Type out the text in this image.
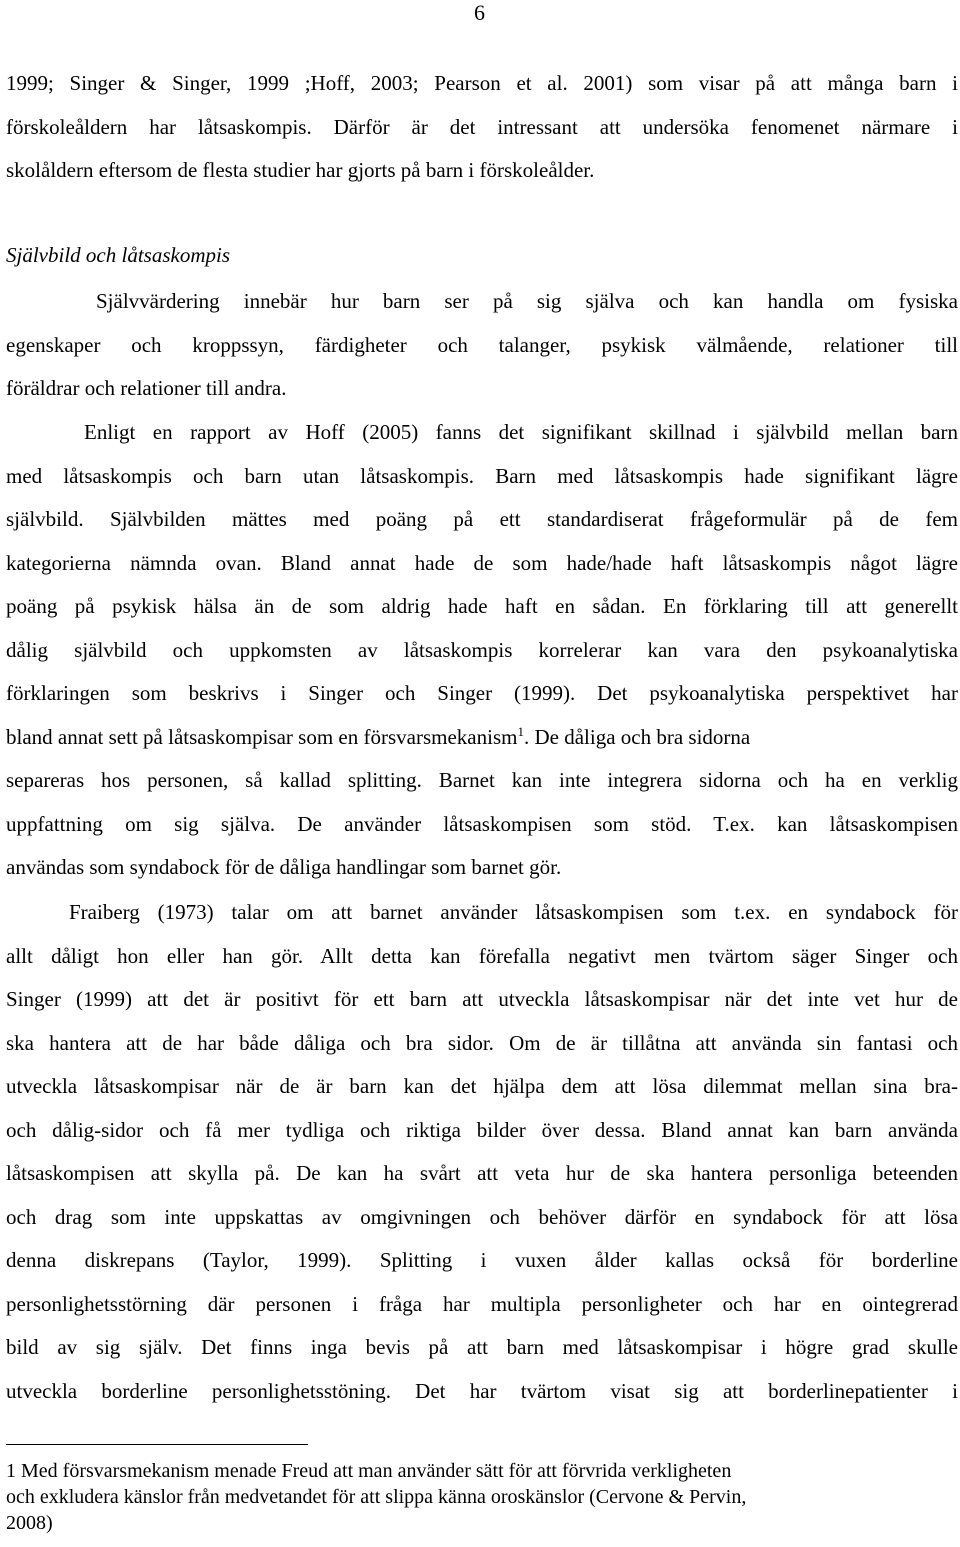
6
1999; Singer & Singer, 1999 ;Hoff, 2003; Pearson et al. 2001) som visar på att många barn i
förskoleåldern har låtsaskompis. Därför är det intressant att undersöka fenomenet närmare i
skolåldern eftersom de flesta studier har gjorts på barn i förskoleålder.
Självbild och låtsaskompis
Självvärdering innebär hur barn ser på sig själva och kan handla om fysiska
egenskaper och kroppssyn, färdigheter och talanger, psykisk välmående, relationer till
föräldrar och relationer till andra.
Enligt en rapport av Hoff (2005) fanns det signifikant skillnad i självbild mellan barn
med låtsaskompis och barn utan låtsaskompis. Barn med låtsaskompis hade signifikant lägre
självbild. Självbilden mättes med poäng på ett standardiserat frågeformulär på de fem
kategorierna nämnda ovan. Bland annat hade de som hade/hade haft låtsaskompis något lägre
poäng på psykisk hälsa än de som aldrig hade haft en sådan. En förklaring till att generellt
dålig självbild och uppkomsten av låtsaskompis korrelerar kan vara den psykoanalytiska
förklaringen som beskrivs i Singer och Singer (1999). Det psykoanalytiska perspektivet har
bland annat sett på låtsaskompisar som en försvarsmekanism$^1$. De dåliga och bra sidorna
separeras hos personen, så kallad splitting. Barnet kan inte integrera sidorna och ha en verklig
uppfattning om sig själva. De använder låtsaskompisen som stöd. T.ex. kan låtsaskompisen
användas som syndabock för de dåliga handlingar som barnet gör.
Fraiberg (1973) talar om att barnet använder låtsaskompisen som t.ex. en syndabock för
allt dåligt hon eller han gör. Allt detta kan förefalla negativt men tvärtom säger Singer och
Singer (1999) att det är positivt för ett barn att utveckla låtsaskompisar när det inte vet hur de
ska hantera att de har både dåliga och bra sidor. Om de är tillåtna att använda sin fantasi och
utveckla låtsaskompisar när de är barn kan det hjälpa dem att lösa dilemmat mellan sina bra-
och dålig-sidor och få mer tydliga och riktiga bilder över dessa. Bland annat kan barn använda
låtsaskompisen att skylla på. De kan ha svårt att veta hur de ska hantera personliga beteenden
och drag som inte uppskattas av omgivningen och behöver därför en syndabock för att lösa
denna diskrepans (Taylor, 1999). Splitting i vuxen ålder kallas också för borderline
personlighetsstörning där personen i fråga har multipla personligheter och har en ointegrerad
bild av sig själv. Det finns inga bevis på att barn med låtsaskompisar i högre grad skulle
utveckla borderline personlighetsstöning. Det har tvärtom visat sig att borderlinepatienter i
1 Med försvarsmekanism menade Freud att man använder sätt för att förvrida verkligheten
och exkludera känslor från medvetandet för att slippa känna oroskänslor (Cervone & Pervin,
2008)
